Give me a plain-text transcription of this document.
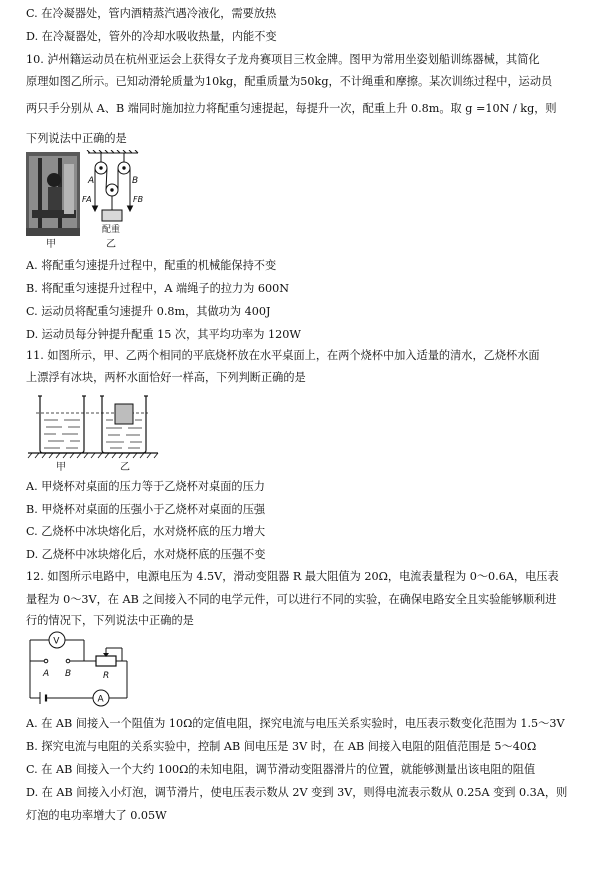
C. 在冷凝器处，管内酒精蒸汽遇冷液化，需要放热
D. 在冷凝器处，管外的冷却水吸收热量，内能不变
10. 泸州籍运动员在杭州亚运会上获得女子龙舟赛项目三枚金牌。图甲为常用坐姿划船训练器械，其简化
原理如图乙所示。已知动滑轮质量为10kg，配重质量为50kg，不计绳重和摩擦。某次训练过程中，运动员
两只手分别从 A、B 端同时施加拉力将配重匀速提起，每提升一次，配重上升 0.8m。取 g =10N / kg，则
下列说法中正确的是
甲
A	B
FA	FB
配重
乙
A. 将配重匀速提升过程中，配重的机械能保持不变
B. 将配重匀速提升过程中，A 端绳子的拉力为 600N
C. 运动员将配重匀速提升 0.8m，其做功为 400J
D. 运动员每分钟提升配重 15 次，其平均功率为 120W
11. 如图所示，甲、乙两个相同的平底烧杯放在水平桌面上，在两个烧杯中加入适量的清水，乙烧杯水面
上漂浮有冰块，两杯水面恰好一样高，下列判断正确的是
甲	乙
A. 甲烧杯对桌面的压力等于乙烧杯对桌面的压力
B. 甲烧杯对桌面的压强小于乙烧杯对桌面的压强
C. 乙烧杯中冰块熔化后，水对烧杯底的压力增大
D. 乙烧杯中冰块熔化后，水对烧杯底的压强不变
12. 如图所示电路中，电源电压为 4.5V，滑动变阻器 R 最大阻值为 20Ω，电流表量程为 0～0.6A，电压表
量程为 0～3V，在 AB 之间接入不同的电学元件，可以进行不同的实验，在确保电路安全且实验能够顺利进
行的情况下，下列说法中正确的是
V
A
A B	R
A. 在 AB 间接入一个阻值为 10Ω的定值电阻，探究电流与电压关系实验时，电压表示数变化范围为 1.5～3V
B. 探究电流与电阻的关系实验中，控制 AB 间电压是 3V 时，在 AB 间接入电阻的阻值范围是 5～40Ω
C. 在 AB 间接入一个大约 100Ω的未知电阻，调节滑动变阻器滑片的位置，就能够测量出该电阻的阻值
D. 在 AB 间接入小灯泡，调节滑片，使电压表示数从 2V 变到 3V，则得电流表示数从 0.25A 变到 0.3A，则
灯泡的电功率增大了 0.05W
